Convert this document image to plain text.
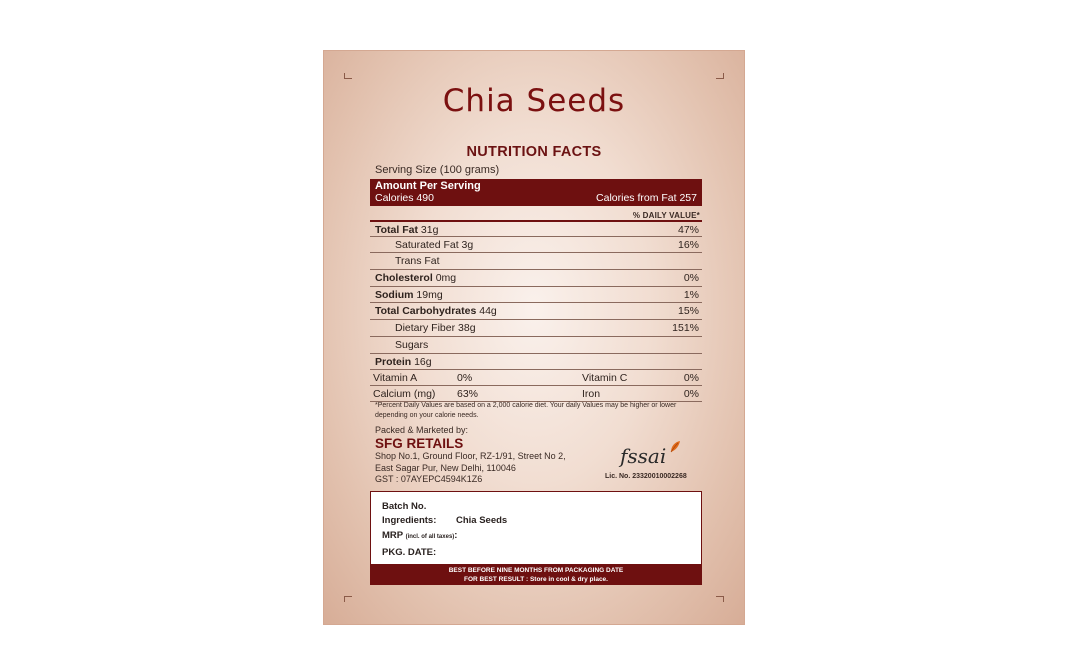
Chia Seeds
NUTRITION FACTS
Serving Size (100 grams)
Amount Per Serving
Calories 490	Calories from Fat 257
% DAILY VALUE*
Total Fat 31g	47%
Saturated Fat 3g	16%
Trans Fat
Cholesterol 0mg	0%
Sodium 19mg	1%
Total Carbohydrates 44g	15%
Dietary Fiber 38g	151%
Sugars
Protein 16g
Vitamin A	0%	Vitamin C	0%
Calcium (mg) 63%	Iron	0%
*Percent Daily Values are based on a 2,000 calorie diet. Your daily Values may be higher or lower depending on your calorie needs.
Packed & Marketed by:
SFG RETAILS
Shop No.1, Ground Floor, RZ-1/91, Street No 2,
East Sagar Pur, New Delhi, 110046
GST : 07AYEPC4594K1Z6
fssai
Lic. No. 23320010002268
Batch No.
Ingredients: Chia Seeds
MRP (incl. of all taxes):
PKG. DATE:
BEST BEFORE NINE MONTHS FROM PACKAGING DATE
FOR BEST RESULT : Store in cool & dry place.
